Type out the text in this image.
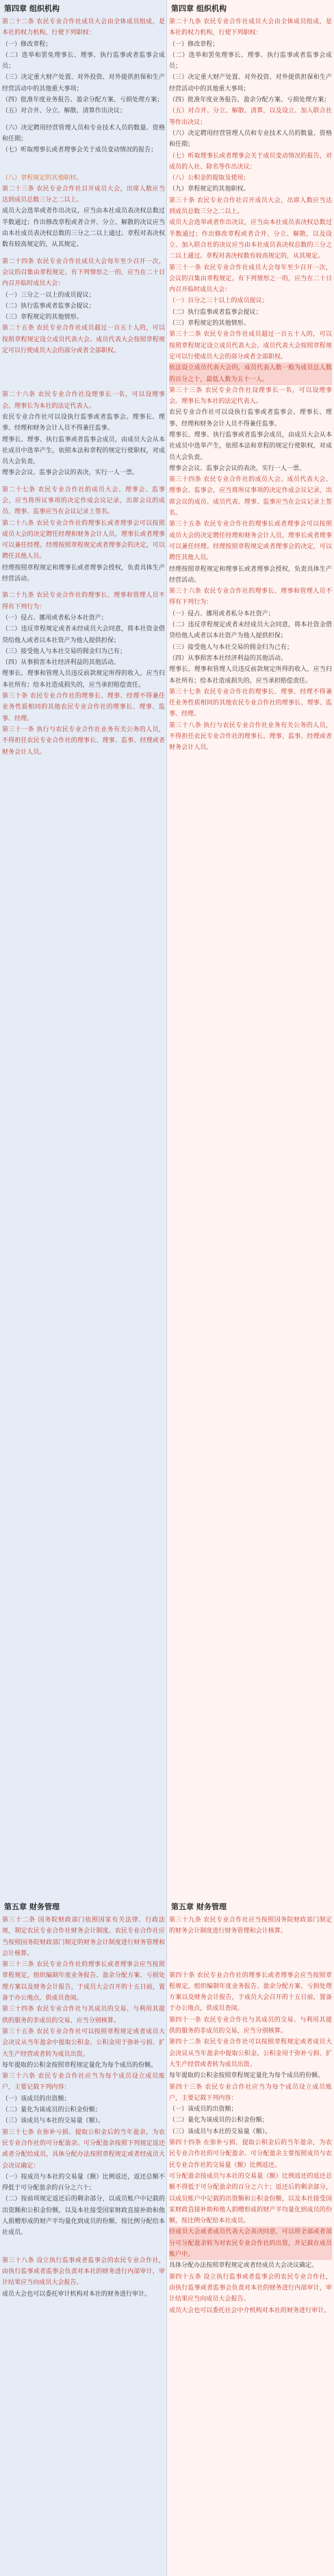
第四章 组织机构

第二十二条 农民专业合作社成员大会由全体成员组成，是本社的权力机构，行使下列职权：

（一）修改章程；

（二）选举和罢免理事长、理事、执行监事或者监事会成员；

（三）决定重大财产处置、对外投资、对外提供担保和生产经营活动中的其他重大事项；

（四）批准年度业务报告、盈余分配方案、亏损处理方案；

（五）对合并、分立、解散、清算作出决议；

（六）决定聘用经营管理人员和专业技术人员的数量、资格和任期；

（七）听取理事长或者理事会关于成员变动情况的报告；

（八）章程规定的其他职权。

第二十三条 农民专业合作社召开成员大会，出席人数应当达到成员总数三分之二以上。

成员大会选举或者作出决议，应当由本社成员表决权总数过半数通过；作出修改章程或者合并、分立、解散的决议应当由本社成员表决权总数的三分之二以上通过。章程对表决权数有较高规定的，从其规定。

第二十四条 农民专业合作社成员大会每年至少召开一次，会议的召集由章程规定。有下列情形之一的，应当在二十日内召开临时成员大会：

（一）三分之一以上的成员提议；

（二）执行监事或者监事会提议；

（三）章程规定的其他情形。

第二十五条 农民专业合作社成员超过一百五十人的，可以按照章程规定设立成员代表大会。成员代表大会按照章程规定可以行使成员大会的部分或者全部职权。

第二十六条 农民专业合作社设理事长一名，可以设理事会。理事长为本社的法定代表人。

农民专业合作社可以设执行监事或者监事会。理事长、理事、经理和财务会计人员不得兼任监事。

理事长、理事、执行监事或者监事会成员，由成员大会从本社成员中选举产生，依照本法和章程的规定行使职权，对成员大会负责。

理事会会议、监事会会议的表决，实行一人一票。

第二十七条 农民专业合作社的成员大会、理事会、监事会，应当将所议事项的决定作成会议记录，出席会议的成员、理事、监事应当在会议记录上签名。

第二十八条 农民专业合作社的理事长或者理事会可以按照成员大会的决定聘任经理和财务会计人员，理事长或者理事可以兼任经理。经理按照章程规定或者理事会的决定，可以聘任其他人员。

经理按照章程规定和理事长或者理事会授权，负责具体生产经营活动。

第二十九条 农民专业合作社的理事长、理事和管理人员不得有下列行为：

（一）侵占、挪用或者私分本社资产；

（二）违反章程规定或者未经成员大会同意，将本社资金借贷给他人或者以本社资产为他人提供担保；

（三）接受他人与本社交易的佣金归为己有；

（四）从事损害本社经济利益的其他活动。

理事长、理事和管理人员违反前款规定所得的收入，应当归本社所有；给本社造成损失的，应当承担赔偿责任。

第三十条 农民专业合作社的理事长、理事、经理不得兼任业务性质相同的其他农民专业合作社的理事长、理事、监事、经理。

第三十一条 执行与农民专业合作社业务有关公务的人员，不得担任农民专业合作社的理事长、理事、监事、经理或者财务会计人员。

第五章 财务管理

第三十二条 国务院财政部门依照国家有关法律、行政法规，制定农民专业合作社财务会计制度。农民专业合作社应当按照国务院财政部门制定的财务会计制度进行财务管理和会计核算。

第三十三条 农民专业合作社的理事长或者理事会应当按照章程规定，组织编制年度业务报告、盈余分配方案、亏损处理方案以及财务会计报告，于成员大会召开的十五日前，置备于办公地点，供成员查阅。

第三十四条 农民专业合作社与其成员的交易、与利用其提供的服务的非成员的交易，应当分别核算。

第三十五条 农民专业合作社可以按照章程规定或者成员大会决议从当年盈余中提取公积金。公积金用于弥补亏损、扩大生产经营或者转为成员出资。

每年提取的公积金按照章程规定量化为每个成员的份额。

第三十六条 农民专业合作社应当为每个成员设立成员账户，主要记载下列内容：

（一）该成员的出资额；

（二）量化为该成员的公积金份额；

（三）该成员与本社的交易量（额）。

第三十七条 在弥补亏损、提取公积金后的当年盈余，为农民专业合作社的可分配盈余。可分配盈余按照下列规定返还或者分配给成员，具体分配办法按照章程规定或者经成员大会决议确定：

（一）按成员与本社的交易量（额）比例返还，返还总额不得低于可分配盈余的百分之六十；

（二）按前项规定返还后的剩余部分，以成员账户中记载的出资额和公积金份额，以及本社接受国家财政直接补助和他人捐赠形成的财产平均量化到成员的份额，按比例分配给本社成员。

第三十八条 设立执行监事或者监事会的农民专业合作社，由执行监事或者监事会负责对本社的财务进行内部审计，审计结果应当向成员大会报告。

成员大会也可以委托审计机构对本社的财务进行审计。

第四章 组织机构

第二十九条 农民专业合作社成员大会由全体成员组成，是本社的权力机构，行使下列职权：

（一）修改章程；

（二）选举和罢免理事长、理事、执行监事或者监事会成员；

（三）决定重大财产处置、对外投资、对外提供担保和生产经营活动中的其他重大事项；

（四）批准年度业务报告、盈余分配方案、亏损处理方案；

（五）对合并、分立、解散、清算，以及设立、加入联合社等作出决议；

（六）决定聘用经营管理人员和专业技术人员的数量、资格和任期；

（七）听取理事长或者理事会关于成员变动情况的报告，对成员的入社、除名等作出决议；

（八）公积金的提取及使用；

（九）章程规定的其他职权。

第三十条 农民专业合作社召开成员大会，出席人数应当达到成员总数三分之二以上。

成员大会选举或者作出决议，应当由本社成员表决权总数过半数通过；作出修改章程或者合并、分立、解散，以及设立、加入联合社的决议应当由本社成员表决权总数的三分之二以上通过。章程对表决权数有较高规定的，从其规定。

第三十一条 农民专业合作社成员大会每年至少召开一次，会议的召集由章程规定。有下列情形之一的，应当在二十日内召开临时成员大会：

（一）百分之三十以上的成员提议；

（二）执行监事或者监事会提议；

（三）章程规定的其他情形。

第三十二条 农民专业合作社成员超过一百五十人的，可以按照章程规定设立成员代表大会。成员代表大会按照章程规定可以行使成员大会的部分或者全部职权。

依法设立成员代表大会的，成员代表人数一般为成员总人数的百分之十，最低人数为五十一人。

第三十三条 农民专业合作社设理事长一名，可以设理事会。理事长为本社的法定代表人。

农民专业合作社可以设执行监事或者监事会。理事长、理事、经理和财务会计人员不得兼任监事。

理事长、理事、执行监事或者监事会成员，由成员大会从本社成员中选举产生，依照本法和章程的规定行使职权，对成员大会负责。

理事会会议、监事会会议的表决，实行一人一票。

第三十四条 农民专业合作社的成员大会、成员代表大会、理事会、监事会，应当将所议事项的决定作成会议记录，出席会议的成员、成员代表、理事、监事应当在会议记录上签名。

第三十五条 农民专业合作社的理事长或者理事会可以按照成员大会的决定聘任经理和财务会计人员，理事长或者理事可以兼任经理。经理按照章程规定或者理事会的决定，可以聘任其他人员。

经理按照章程规定和理事长或者理事会授权，负责具体生产经营活动。

第三十六条 农民专业合作社的理事长、理事和管理人员不得有下列行为：

（一）侵占、挪用或者私分本社资产；

（二）违反章程规定或者未经成员大会同意，将本社资金借贷给他人或者以本社资产为他人提供担保；

（三）接受他人与本社交易的佣金归为己有；

（四）从事损害本社经济利益的其他活动。

理事长、理事和管理人员违反前款规定所得的收入，应当归本社所有；给本社造成损失的，应当承担赔偿责任。

第三十七条 农民专业合作社的理事长、理事、经理不得兼任业务性质相同的其他农民专业合作社的理事长、理事、监事、经理。

第三十八条 执行与农民专业合作社业务有关公务的人员，不得担任农民专业合作社的理事长、理事、监事、经理或者财务会计人员。

第五章 财务管理

第三十九条 农民专业合作社应当按照国务院财政部门制定的财务会计制度进行财务管理和会计核算。

第四十条 农民专业合作社的理事长或者理事会应当按照章程规定，组织编制年度业务报告、盈余分配方案、亏损处理方案以及财务会计报告，于成员大会召开的十五日前，置备于办公地点，供成员查阅。

第四十一条 农民专业合作社与其成员的交易、与利用其提供的服务的非成员的交易，应当分别核算。

第四十二条 农民专业合作社可以按照章程规定或者成员大会决议从当年盈余中提取公积金。公积金用于弥补亏损、扩大生产经营或者转为成员出资。

每年提取的公积金按照章程规定量化为每个成员的份额。

第四十三条 农民专业合作社应当为每个成员设立成员账户，主要记载下列内容：

（一）该成员的出资额；

（二）量化为该成员的公积金份额；

（三）该成员与本社的交易量（额）。

第四十四条 在弥补亏损、提取公积金后的当年盈余，为农民专业合作社的可分配盈余。可分配盈余主要按照成员与农民专业合作社的交易量（额）比例返还。

可分配盈余按成员与本社的交易量（额）比例返还的返还总额不得低于可分配盈余的百分之六十；返还后的剩余部分，以成员账户中记载的出资额和公积金份额，以及本社接受国家财政直接补助和他人捐赠形成的财产平均量化到成员的份额，按比例分配给本社成员。

经成员大会或者成员代表大会表决同意，可以将全部或者部分可分配盈余转为对农民专业合作社的出资，并记载在成员账户中。

具体分配办法按照章程规定或者经成员大会决议确定。

第四十五条 设立执行监事或者监事会的农民专业合作社，由执行监事或者监事会负责对本社的财务进行内部审计，审计结果应当向成员大会报告。

成员大会也可以委托社会中介机构对本社的财务进行审计。
